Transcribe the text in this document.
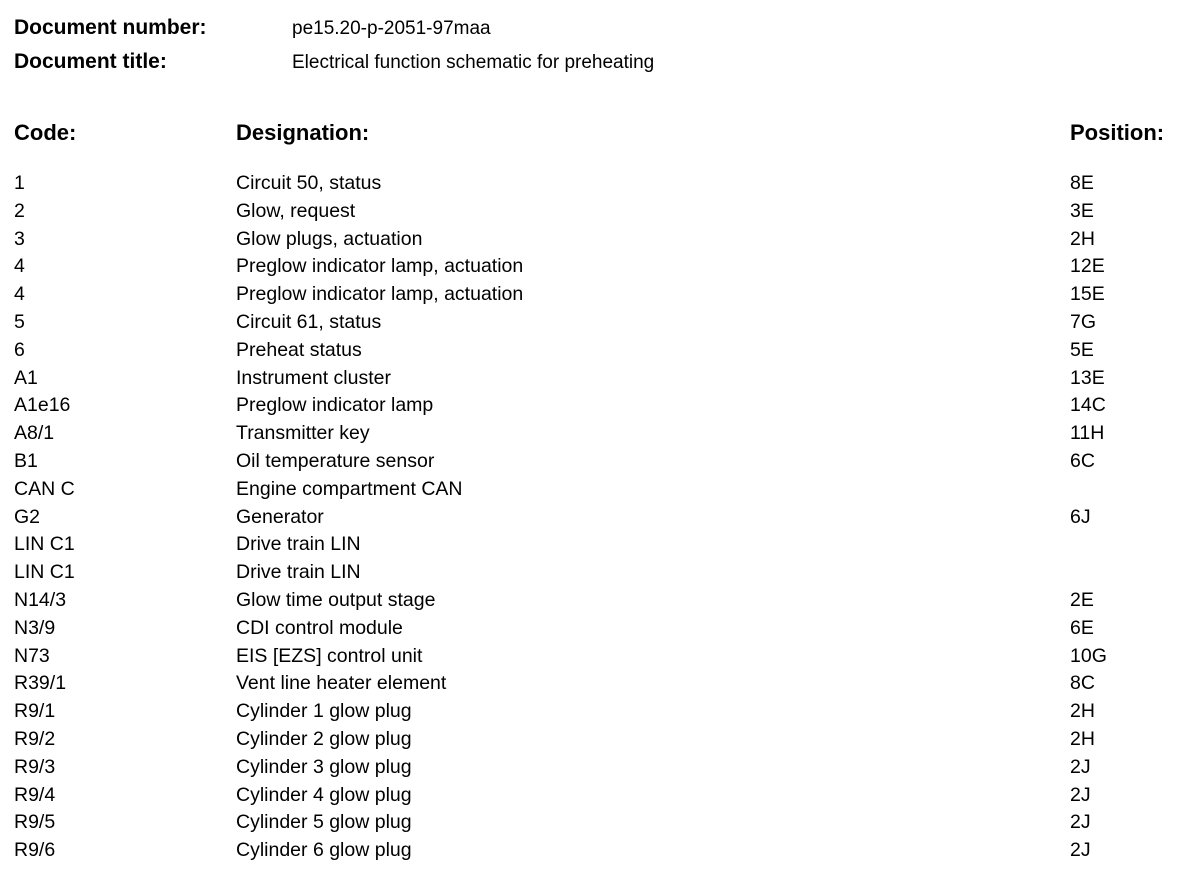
Document number:	pe15.20-p-2051-97maa
Document title:	Electrical function schematic for preheating
Code:	Designation:	Position:
1	Circuit 50, status	8E
2	Glow, request	3E
3	Glow plugs, actuation	2H
4	Preglow indicator lamp, actuation	12E
4	Preglow indicator lamp, actuation	15E
5	Circuit 61, status	7G
6	Preheat status	5E
A1	Instrument cluster	13E
A1e16	Preglow indicator lamp	14C
A8/1	Transmitter key	11H
B1	Oil temperature sensor	6C
CAN C	Engine compartment CAN
G2	Generator	6J
LIN C1	Drive train LIN
LIN C1	Drive train LIN
N14/3	Glow time output stage	2E
N3/9	CDI control module	6E
N73	EIS [EZS] control unit	10G
R39/1	Vent line heater element	8C
R9/1	Cylinder 1 glow plug	2H
R9/2	Cylinder 2 glow plug	2H
R9/3	Cylinder 3 glow plug	2J
R9/4	Cylinder 4 glow plug	2J
R9/5	Cylinder 5 glow plug	2J
R9/6	Cylinder 6 glow plug	2J
